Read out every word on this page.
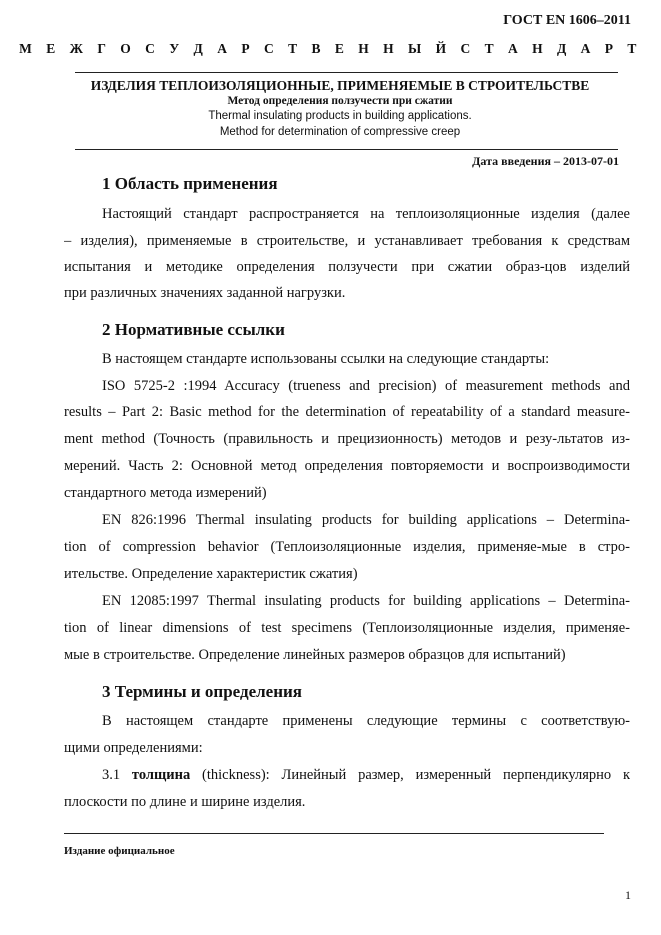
ГОСТ EN 1606–2011
М Е Ж Г О С У Д А Р С Т В Е Н Н Ы Й С Т А Н Д А Р Т
ИЗДЕЛИЯ ТЕПЛОИЗОЛЯЦИОННЫЕ, ПРИМЕНЯЕМЫЕ В СТРОИТЕЛЬСТВЕ
Метод определения ползучести при сжатии
Thermal insulating products in building applications.
Method for determination of compressive creep
Дата введения – 2013-07-01
1 Область применения
Настоящий стандарт распространяется на теплоизоляционные изделия (далее
– изделия), применяемые в строительстве, и устанавливает требования к средствам
испытания и методике определения ползучести при сжатии образ-цов изделий
при различных значениях заданной нагрузки.
2 Нормативные ссылки
В настоящем стандарте использованы ссылки на следующие стандарты:
ISO 5725-2 :1994 Accuracy (trueness and precision) of measurement methods and
results – Part 2: Basic method for the determination of repeatability of a standard measure-
ment method (Точность (правильность и прецизионность) методов и резу-льтатов из-
мерений. Часть 2: Основной метод определения повторяемости и воспроизводимости
стандартного метода измерений)
EN 826:1996 Thermal insulating products for building applications – Determina-
tion of compression behavior (Теплоизоляционные изделия, применяе-мые в стро-
ительстве. Определение характеристик сжатия)
EN 12085:1997 Thermal insulating products for building applications – Determina-
tion of linear dimensions of test specimens (Теплоизоляционные изделия, применяе-
мые в строительстве. Определение линейных размеров образцов для испытаний)
3 Термины и определения
В настоящем стандарте применены следующие термины с соответствую-
щими определениями:
3.1 толщина (thickness): Линейный размер, измеренный перпендикулярно к
плоскости по длине и ширине изделия.
Издание официальное
1
